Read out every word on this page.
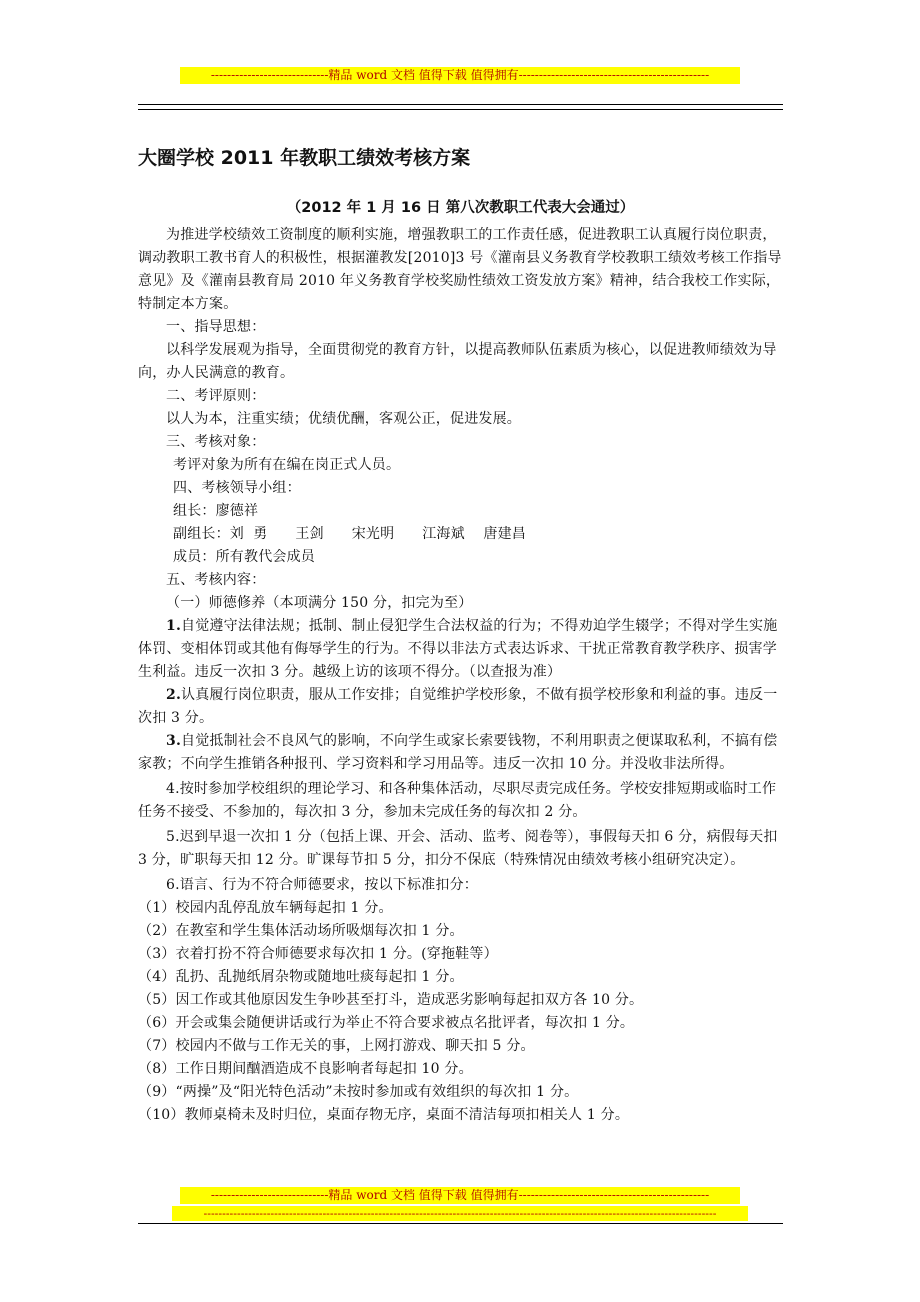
-----------------------------精品 word 文档 值得下载 值得拥有-----------------------------------------------
大圈学校 2011 年教职工绩效考核方案
（2012 年 1 月 16 日 第八次教职工代表大会通过）

为推进学校绩效工资制度的顺利实施，增强教职工的工作责任感，促进教职工认真履行岗位职责，调动教职工教书育人的积极性，根据灌教发[2010]3 号《灌南县义务教育学校教职工绩效考核工作指导意见》及《灌南县教育局 2010 年义务教育学校奖励性绩效工资发放方案》精神，结合我校工作实际，特制定本方案。

一、指导思想：

以科学发展观为指导，全面贯彻党的教育方针，以提高教师队伍素质为核心，以促进教师绩效为导向，办人民满意的教育。

二、考评原则：

以人为本，注重实绩；优绩优酬，客观公正，促进发展。

三、考核对象：

考评对象为所有在编在岗正式人员。

四、考核领导小组：

组长：廖德祥

副组长：刘  勇      王剑      宋光明      江海斌    唐建昌

成员：所有教代会成员

五、考核内容：

（一）师德修养（本项满分 150 分，扣完为至）

1.自觉遵守法律法规；抵制、制止侵犯学生合法权益的行为；不得劝迫学生辍学；不得对学生实施体罚、变相体罚或其他有侮辱学生的行为。不得以非法方式表达诉求、干扰正常教育教学秩序、损害学生利益。违反一次扣 3 分。越级上访的该项不得分。（以查报为准）

2.认真履行岗位职责，服从工作安排；自觉维护学校形象，不做有损学校形象和利益的事。违反一次扣 3 分。

3.自觉抵制社会不良风气的影响，不向学生或家长索要钱物，不利用职责之便谋取私利，不搞有偿家教；不向学生推销各种报刊、学习资料和学习用品等。违反一次扣 10 分。并没收非法所得。

4.按时参加学校组织的理论学习、和各种集体活动，尽职尽责完成任务。学校安排短期或临时工作任务不接受、不参加的，每次扣 3 分，参加未完成任务的每次扣 2 分。

5.迟到早退一次扣 1 分（包括上课、开会、活动、监考、阅卷等），事假每天扣 6 分，病假每天扣 3 分，旷职每天扣 12 分。旷课每节扣 5 分，扣分不保底（特殊情况由绩效考核小组研究决定）。

6.语言、行为不符合师德要求，按以下标准扣分：

（1）校园内乱停乱放车辆每起扣 1 分。

（2）在教室和学生集体活动场所吸烟每次扣 1 分。

（3）衣着打扮不符合师德要求每次扣 1 分。(穿拖鞋等）

（4）乱扔、乱抛纸屑杂物或随地吐痰每起扣 1 分。

（5）因工作或其他原因发生争吵甚至打斗，造成恶劣影响每起扣双方各 10 分。

（6）开会或集会随便讲话或行为举止不符合要求被点名批评者，每次扣 1 分。

（7）校园内不做与工作无关的事，上网打游戏、聊天扣 5 分。

（8）工作日期间酗酒造成不良影响者每起扣 10 分。

（9）“两操”及“阳光特色活动”未按时参加或有效组织的每次扣 1 分。

（10）教师桌椅未及时归位，桌面存物无序，桌面不清洁每项扣相关人 1 分。

-----------------------------精品 word 文档 值得下载 值得拥有-----------------------------------------------
------------------------------------------------------------------------------------------------------------------------------------------
